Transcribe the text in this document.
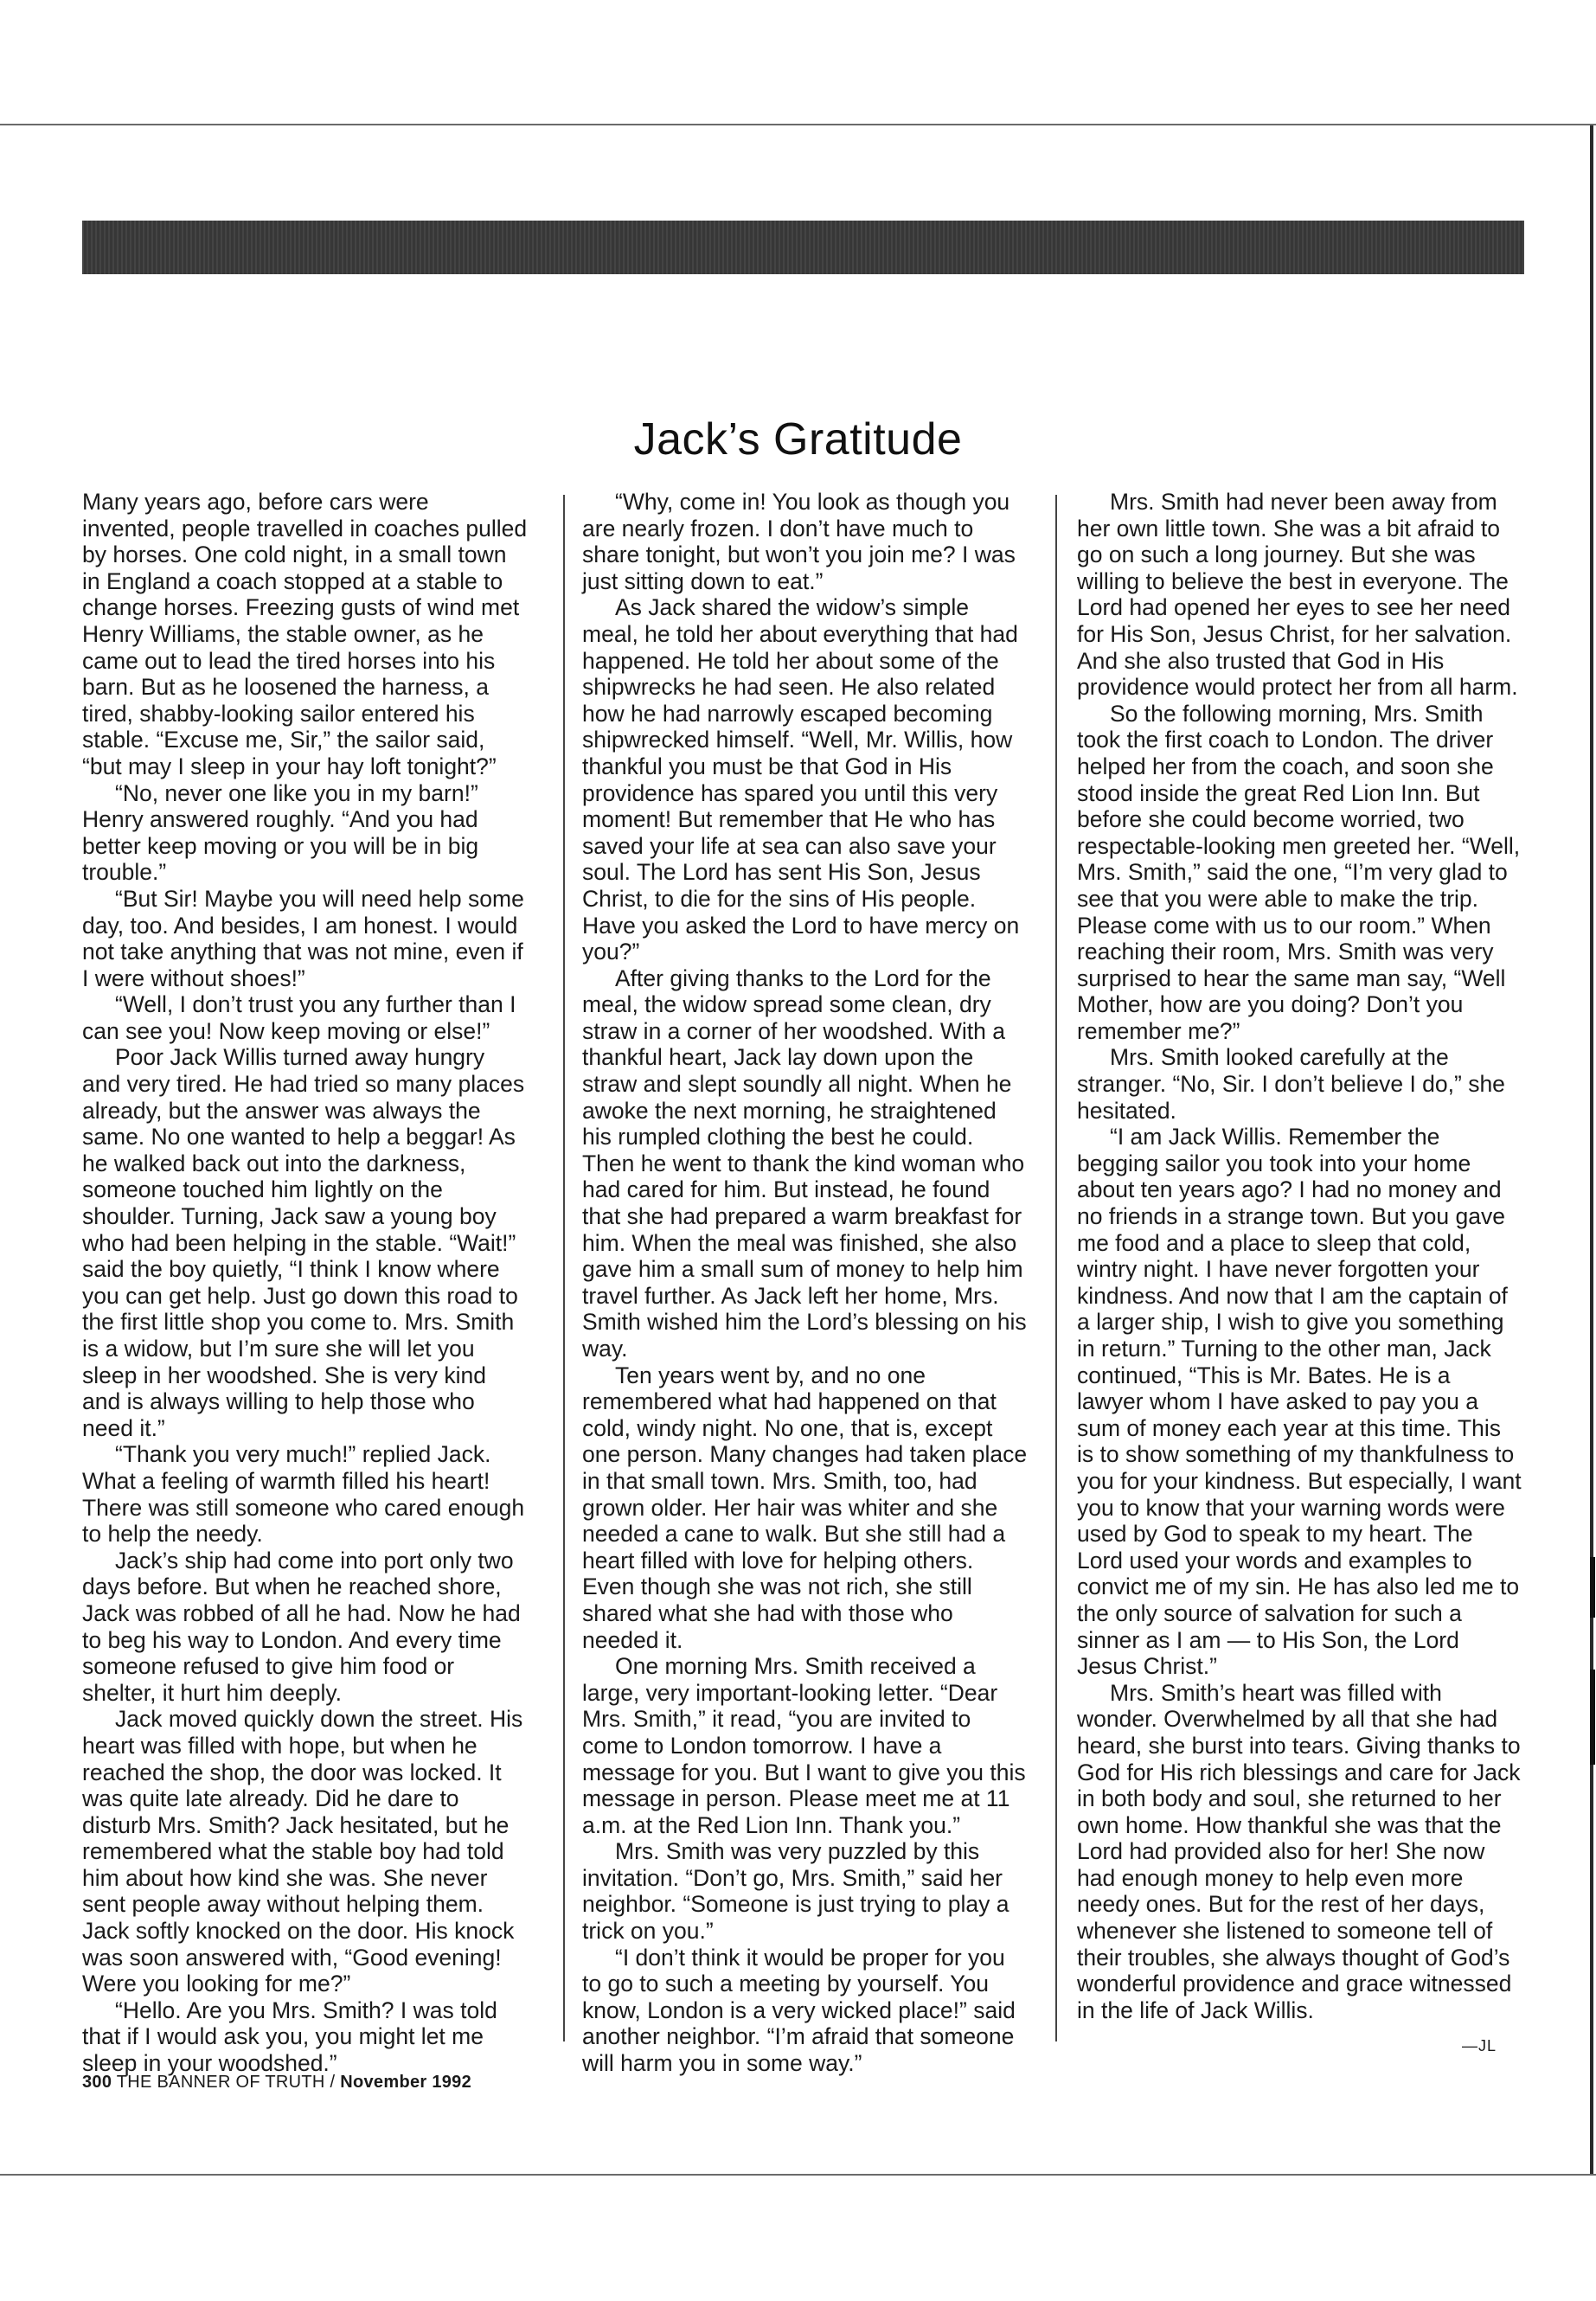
Jack’s Gratitude

Many years ago, before cars were invented, people travelled in coaches pulled by horses. One cold night, in a small town in England a coach stopped at a stable to change horses. Freezing gusts of wind met Henry Williams, the stable owner, as he came out to lead the tired horses into his barn. But as he loosened the harness, a tired, shabby-looking sailor entered his stable. “Excuse me, Sir,” the sailor said, “but may I sleep in your hay loft tonight?”

“No, never one like you in my barn!” Henry answered roughly. “And you had better keep moving or you will be in big trouble.”

“But Sir! Maybe you will need help some day, too. And besides, I am honest. I would not take anything that was not mine, even if I were without shoes!”

“Well, I don’t trust you any further than I can see you! Now keep moving or else!”

Poor Jack Willis turned away hungry and very tired. He had tried so many places already, but the answer was always the same. No one wanted to help a beggar! As he walked back out into the darkness, someone touched him lightly on the shoulder. Turning, Jack saw a young boy who had been helping in the stable. “Wait!” said the boy quietly, “I think I know where you can get help. Just go down this road to the first little shop you come to. Mrs. Smith is a widow, but I’m sure she will let you sleep in her woodshed. She is very kind and is always willing to help those who need it.”

“Thank you very much!” replied Jack. What a feeling of warmth filled his heart! There was still someone who cared enough to help the needy.

Jack’s ship had come into port only two days before. But when he reached shore, Jack was robbed of all he had. Now he had to beg his way to London. And every time someone refused to give him food or shelter, it hurt him deeply.

Jack moved quickly down the street. His heart was filled with hope, but when he reached the shop, the door was locked. It was quite late already. Did he dare to disturb Mrs. Smith? Jack hesitated, but he remembered what the stable boy had told him about how kind she was. She never sent people away without helping them. Jack softly knocked on the door. His knock was soon answered with, “Good evening! Were you looking for me?”

“Hello. Are you Mrs. Smith? I was told that if I would ask you, you might let me sleep in your woodshed.”

“Why, come in! You look as though you are nearly frozen. I don’t have much to share tonight, but won’t you join me? I was just sitting down to eat.”

As Jack shared the widow’s simple meal, he told her about everything that had happened. He told her about some of the shipwrecks he had seen. He also related how he had narrowly escaped becoming shipwrecked himself. “Well, Mr. Willis, how thankful you must be that God in His providence has spared you until this very moment! But remember that He who has saved your life at sea can also save your soul. The Lord has sent His Son, Jesus Christ, to die for the sins of His people. Have you asked the Lord to have mercy on you?”

After giving thanks to the Lord for the meal, the widow spread some clean, dry straw in a corner of her woodshed. With a thankful heart, Jack lay down upon the straw and slept soundly all night. When he awoke the next morning, he straightened his rumpled clothing the best he could. Then he went to thank the kind woman who had cared for him. But instead, he found that she had prepared a warm breakfast for him. When the meal was finished, she also gave him a small sum of money to help him travel further. As Jack left her home, Mrs. Smith wished him the Lord’s blessing on his way.

Ten years went by, and no one remembered what had happened on that cold, windy night. No one, that is, except one person. Many changes had taken place in that small town. Mrs. Smith, too, had grown older. Her hair was whiter and she needed a cane to walk. But she still had a heart filled with love for helping others. Even though she was not rich, she still shared what she had with those who needed it.

One morning Mrs. Smith received a large, very important-looking letter. “Dear Mrs. Smith,” it read, “you are invited to come to London tomorrow. I have a message for you. But I want to give you this message in person. Please meet me at 11 a.m. at the Red Lion Inn. Thank you.”

Mrs. Smith was very puzzled by this invitation. “Don’t go, Mrs. Smith,” said her neighbor. “Someone is just trying to play a trick on you.”

“I don’t think it would be proper for you to go to such a meeting by yourself. You know, London is a very wicked place!” said another neighbor. “I’m afraid that someone will harm you in some way.”

Mrs. Smith had never been away from her own little town. She was a bit afraid to go on such a long journey. But she was willing to believe the best in everyone. The Lord had opened her eyes to see her need for His Son, Jesus Christ, for her salvation. And she also trusted that God in His providence would protect her from all harm.

So the following morning, Mrs. Smith took the first coach to London. The driver helped her from the coach, and soon she stood inside the great Red Lion Inn. But before she could become worried, two respectable-looking men greeted her. “Well, Mrs. Smith,” said the one, “I’m very glad to see that you were able to make the trip. Please come with us to our room.” When reaching their room, Mrs. Smith was very surprised to hear the same man say, “Well Mother, how are you doing? Don’t you remember me?”

Mrs. Smith looked carefully at the stranger. “No, Sir. I don’t believe I do,” she hesitated.

“I am Jack Willis. Remember the begging sailor you took into your home about ten years ago? I had no money and no friends in a strange town. But you gave me food and a place to sleep that cold, wintry night. I have never forgotten your kindness. And now that I am the captain of a larger ship, I wish to give you something in return.” Turning to the other man, Jack continued, “This is Mr. Bates. He is a lawyer whom I have asked to pay you a sum of money each year at this time. This is to show something of my thankfulness to you for your kindness. But especially, I want you to know that your warning words were used by God to speak to my heart. The Lord used your words and examples to convict me of my sin. He has also led me to the only source of salvation for such a sinner as I am — to His Son, the Lord Jesus Christ.”

Mrs. Smith’s heart was filled with wonder. Overwhelmed by all that she had heard, she burst into tears. Giving thanks to God for His rich blessings and care for Jack in both body and soul, she returned to her own home. How thankful she was that the Lord had provided also for her! She now had enough money to help even more needy ones. But for the rest of her days, whenever she listened to someone tell of their troubles, she always thought of God’s wonderful providence and grace witnessed in the life of Jack Willis.

—JL
300 THE BANNER OF TRUTH / November 1992
